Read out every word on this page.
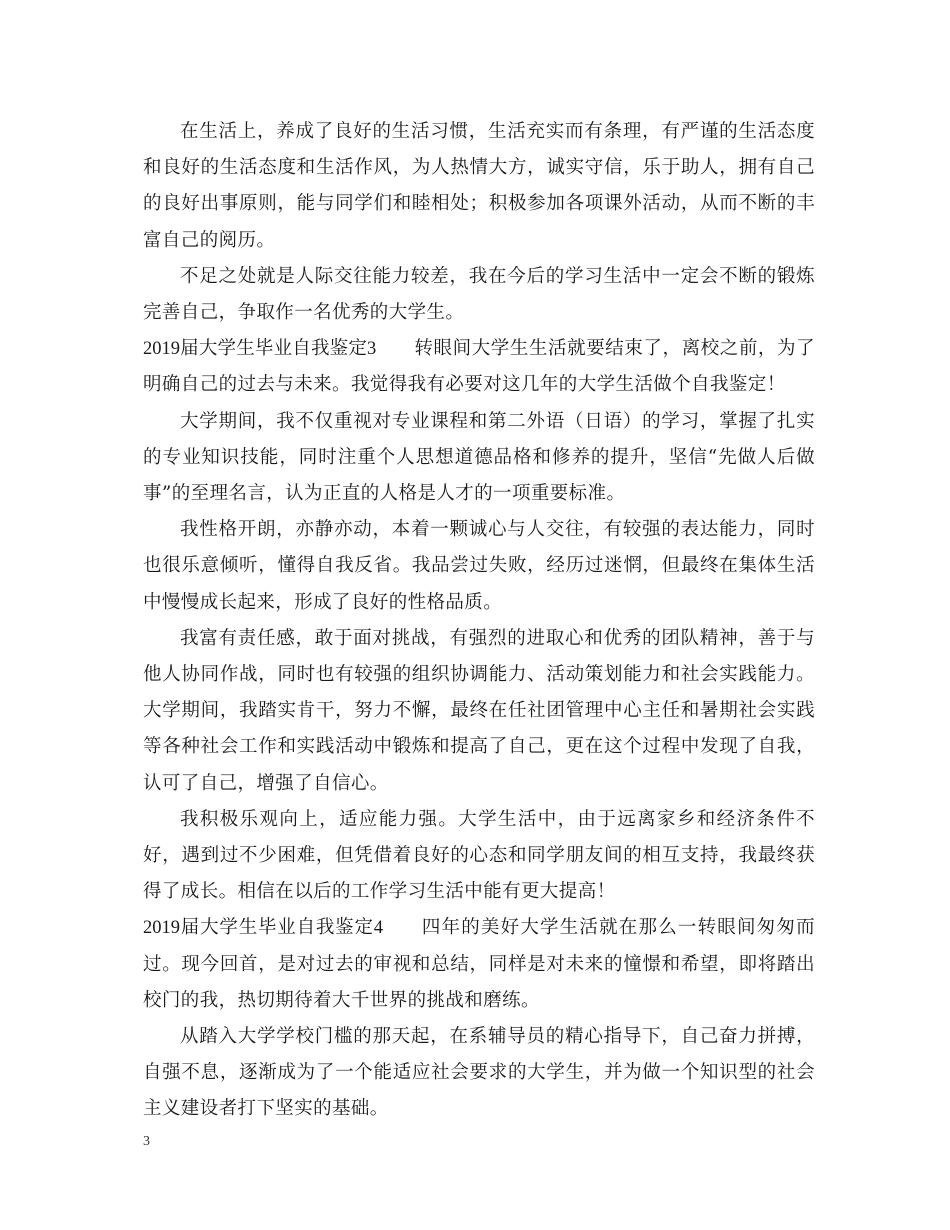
在生活上，养成了良好的生活习惯，生活充实而有条理，有严谨的生活态度和良好的生活态度和生活作风，为人热情大方，诚实守信，乐于助人，拥有自己的良好出事原则，能与同学们和睦相处；积极参加各项课外活动，从而不断的丰富自己的阅历。

不足之处就是人际交往能力较差，我在今后的学习生活中一定会不断的锻炼完善自己，争取作一名优秀的大学生。

2019届大学生毕业自我鉴定3 转眼间大学生生活就要结束了，离校之前，为了明确自己的过去与未来。我觉得我有必要对这几年的大学生活做个自我鉴定！

大学期间，我不仅重视对专业课程和第二外语（日语）的学习，掌握了扎实的专业知识技能，同时注重个人思想道德品格和修养的提升，坚信“先做人后做事”的至理名言，认为正直的人格是人才的一项重要标准。

我性格开朗，亦静亦动，本着一颗诚心与人交往，有较强的表达能力，同时也很乐意倾听，懂得自我反省。我品尝过失败，经历过迷惘，但最终在集体生活中慢慢成长起来，形成了良好的性格品质。

我富有责任感，敢于面对挑战，有强烈的进取心和优秀的团队精神，善于与他人协同作战，同时也有较强的组织协调能力、活动策划能力和社会实践能力。大学期间，我踏实肯干，努力不懈，最终在任社团管理中心主任和暑期社会实践等各种社会工作和实践活动中锻炼和提高了自己，更在这个过程中发现了自我，认可了自己，增强了自信心。

我积极乐观向上，适应能力强。大学生活中，由于远离家乡和经济条件不好，遇到过不少困难，但凭借着良好的心态和同学朋友间的相互支持，我最终获得了成长。相信在以后的工作学习生活中能有更大提高！

2019届大学生毕业自我鉴定4 四年的美好大学生活就在那么一转眼间匆匆而过。现今回首，是对过去的审视和总结，同样是对未来的憧憬和希望，即将踏出校门的我，热切期待着大千世界的挑战和磨练。

从踏入大学学校门槛的那天起，在系辅导员的精心指导下，自己奋力拼搏，自强不息，逐渐成为了一个能适应社会要求的大学生，并为做一个知识型的社会主义建设者打下坚实的基础。

3
